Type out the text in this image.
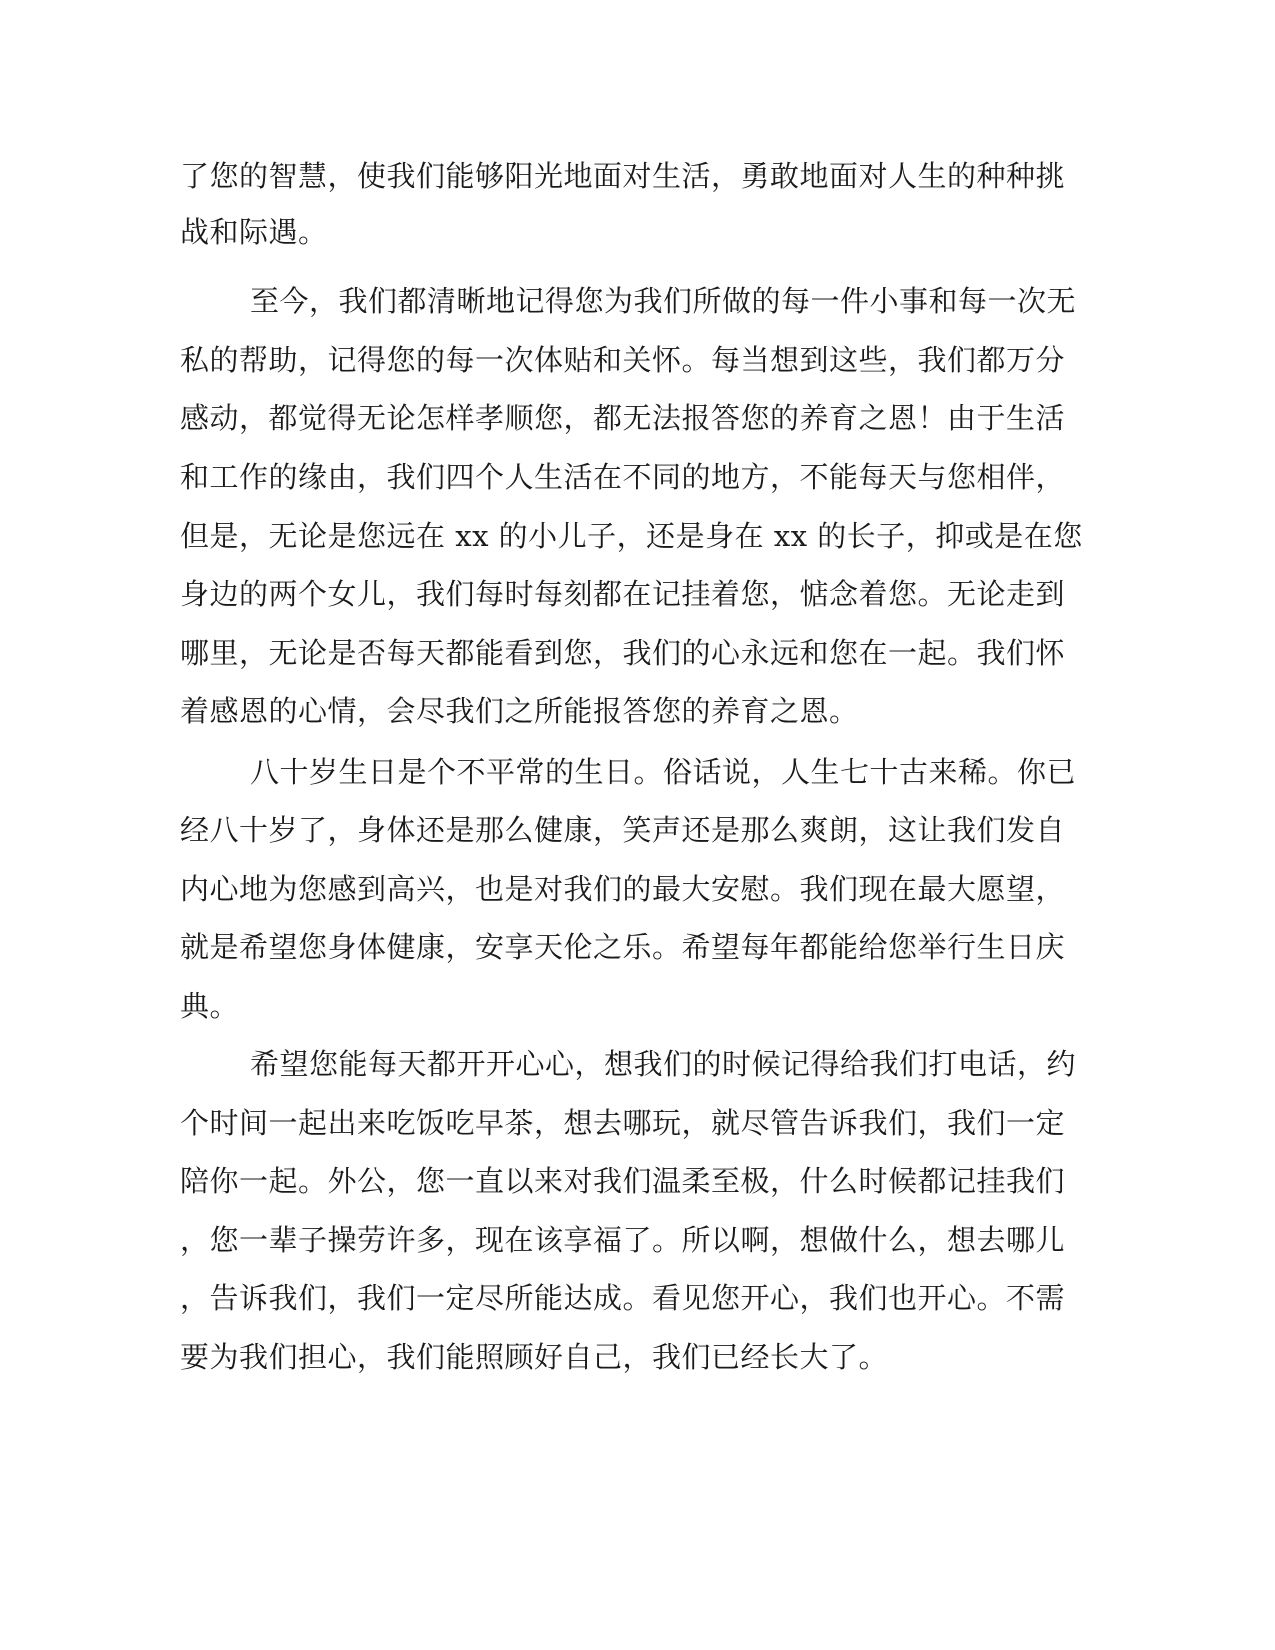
了您的智慧，使我们能够阳光地面对生活，勇敢地面对人生的种种挑
战和际遇。
至今，我们都清晰地记得您为我们所做的每一件小事和每一次无
私的帮助，记得您的每一次体贴和关怀。每当想到这些，我们都万分
感动，都觉得无论怎样孝顺您，都无法报答您的养育之恩！由于生活
和工作的缘由，我们四个人生活在不同的地方，不能每天与您相伴，
但是，无论是您远在 xx 的小儿子，还是身在 xx 的长子，抑或是在您
身边的两个女儿，我们每时每刻都在记挂着您，惦念着您。无论走到
哪里，无论是否每天都能看到您，我们的心永远和您在一起。我们怀
着感恩的心情，会尽我们之所能报答您的养育之恩。
八十岁生日是个不平常的生日。俗话说，人生七十古来稀。你已
经八十岁了，身体还是那么健康，笑声还是那么爽朗，这让我们发自
内心地为您感到高兴，也是对我们的最大安慰。我们现在最大愿望，
就是希望您身体健康，安享天伦之乐。希望每年都能给您举行生日庆
典。
希望您能每天都开开心心，想我们的时候记得给我们打电话，约
个时间一起出来吃饭吃早茶，想去哪玩，就尽管告诉我们，我们一定
陪你一起。外公，您一直以来对我们温柔至极，什么时候都记挂我们
，您一辈子操劳许多，现在该享福了。所以啊，想做什么，想去哪儿
，告诉我们，我们一定尽所能达成。看见您开心，我们也开心。不需
要为我们担心，我们能照顾好自己，我们已经长大了。
